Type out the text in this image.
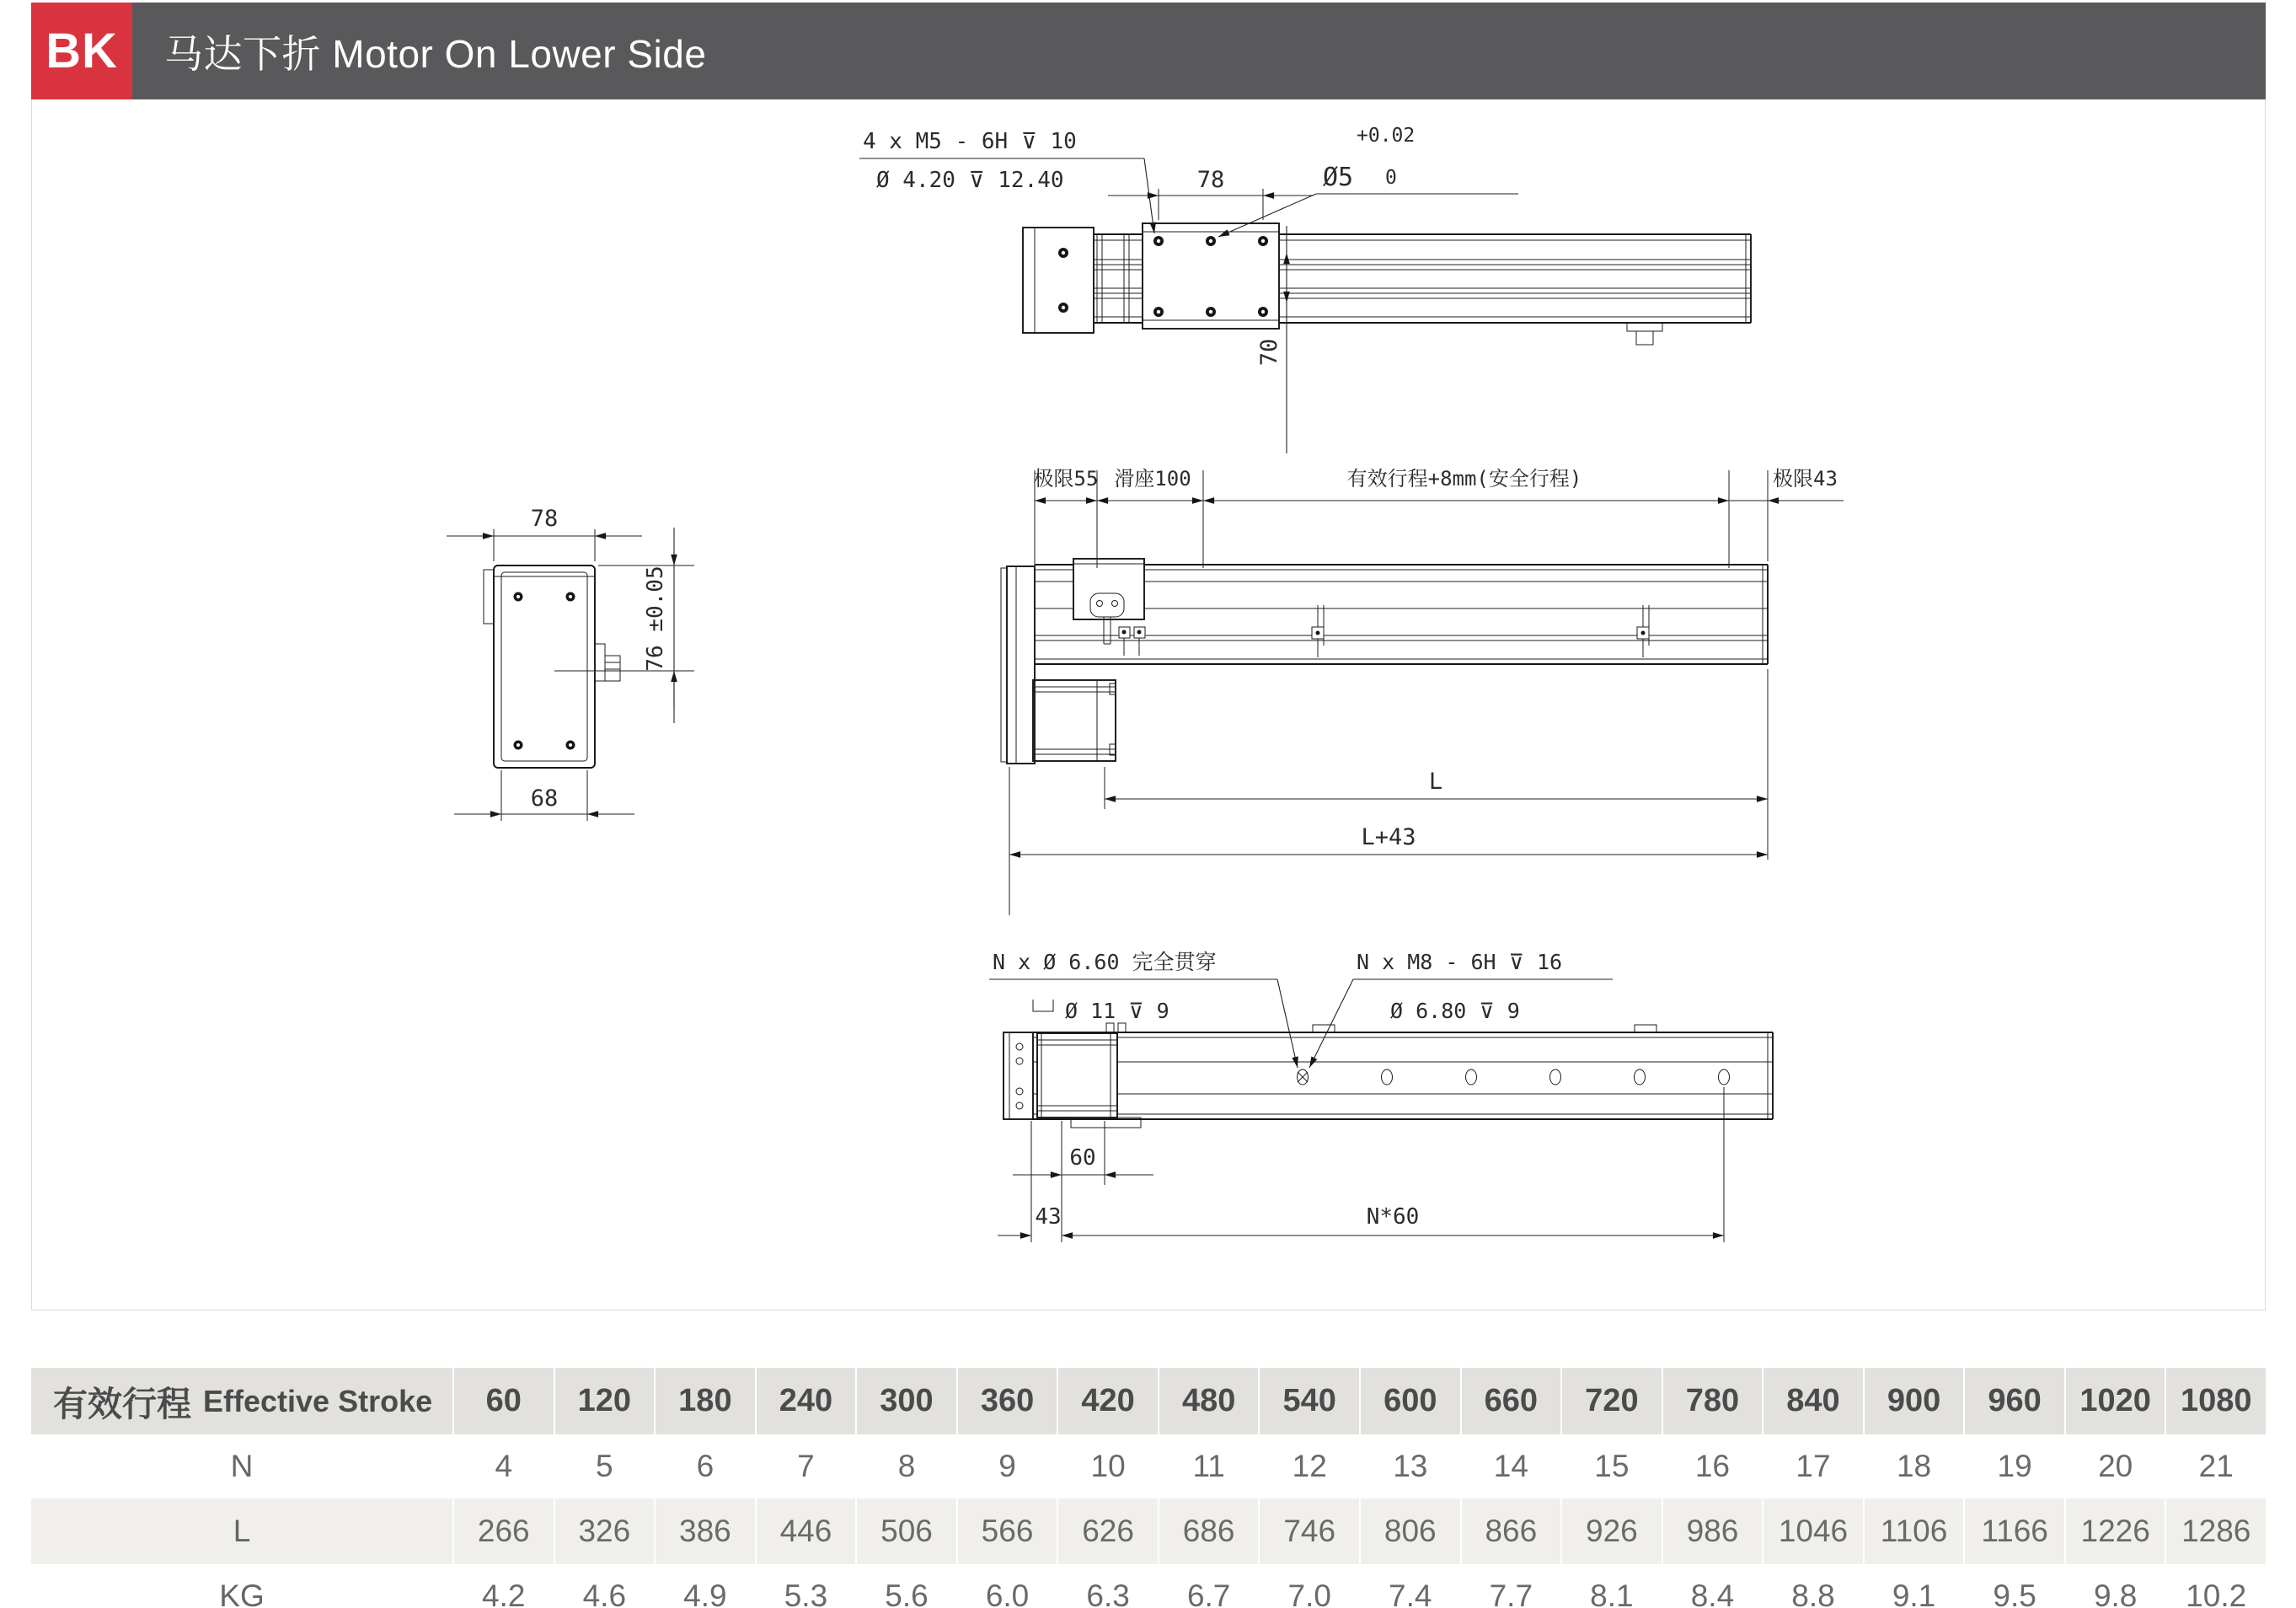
BK	马达下折 Motor On Lower Side
78
4 x M5 - 6H ⊽ 10
Ø 4.20 ⊽ 12.40
+0.02
Ø5 0
70
78
76 ±0.05
68
极限55 滑座100	有效行程+8mm(安全行程)	极限43
L
L+43
N x Ø 6.60 完全贯穿
Ø 11 ⊽ 9
N x M8 - 6H ⊽ 16
Ø 6.80 ⊽ 9
60
43	N*60
有效行程 Effective Stroke	60	120	180	240	300	360	420	480	540	600	660	720	780	840	900	960	1020 1080
N	4	5	6	7	8	9	10	11	12	13	14	15	16	17	18	19	20	21
L	266	326	386	446	506	566	626	686	746	806	866	926	986	1046	1106	1166	1226	1286
KG	4.2	4.6	4.9	5.3	5.6	6.0	6.3	6.7	7.0	7.4	7.7	8.1	8.4	8.8	9.1	9.5	9.8	10.2
